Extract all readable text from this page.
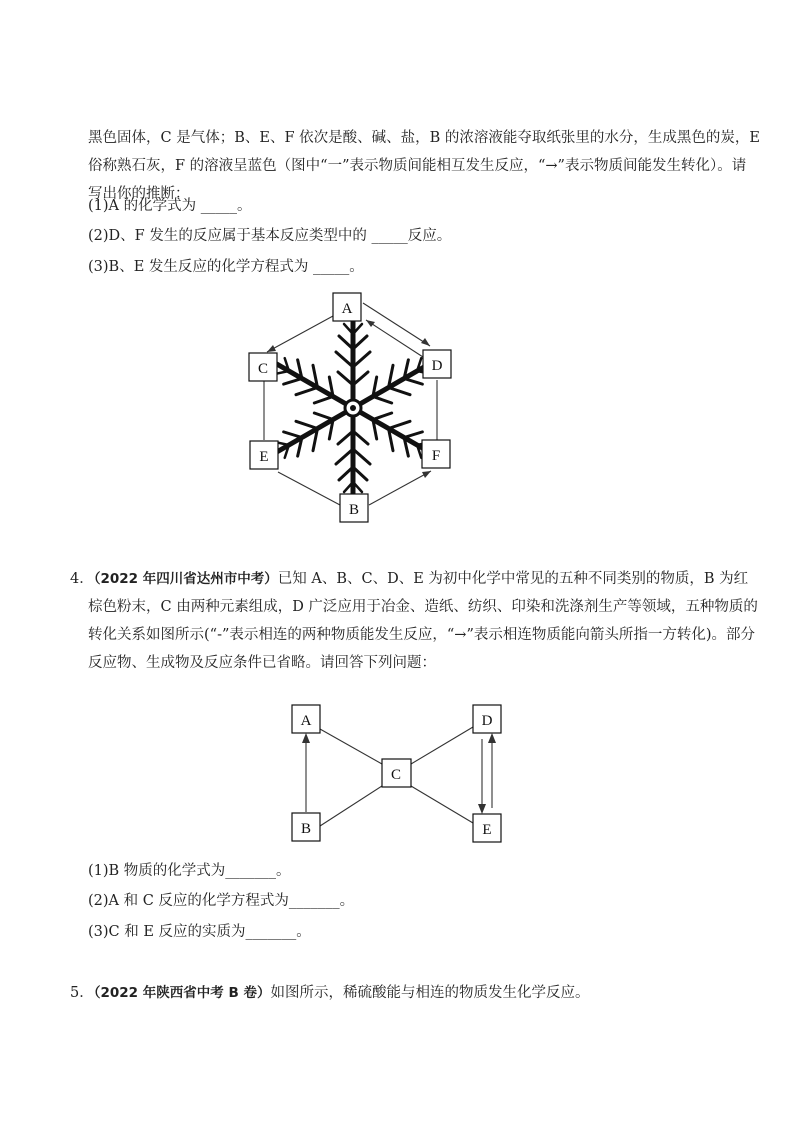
黑色固体，C 是气体；B、E、F 依次是酸、碱、盐，B 的浓溶液能夺取纸张里的水分，生成黑色的炭，E
俗称熟石灰，F 的溶液呈蓝色（图中“一”表示物质间能相互发生反应，“→”表示物质间能发生转化）。请
写出你的推断：
(1)A 的化学式为 _____。
(2)D、F 发生的反应属于基本反应类型中的 _____反应。
(3)B、E 发生反应的化学方程式为 _____。
A
C	D
E	F
B
A	D
C
B	E
4．（2022 年四川省达州市中考）已知 A、B、C、D、E 为初中化学中常见的五种不同类别的物质，B 为红
棕色粉末，C 由两种元素组成，D 广泛应用于冶金、造纸、纺织、印染和洗涤剂生产等领域，五种物质的
转化关系如图所示(“-”表示相连的两种物质能发生反应，“→”表示相连物质能向箭头所指一方转化)。部分
反应物、生成物及反应条件已省略。请回答下列问题：
(1)B 物质的化学式为_______。
(2)A 和 C 反应的化学方程式为_______。
(3)C 和 E 反应的实质为_______。
5．（2022 年陕西省中考 B 卷）如图所示，稀硫酸能与相连的物质发生化学反应。
